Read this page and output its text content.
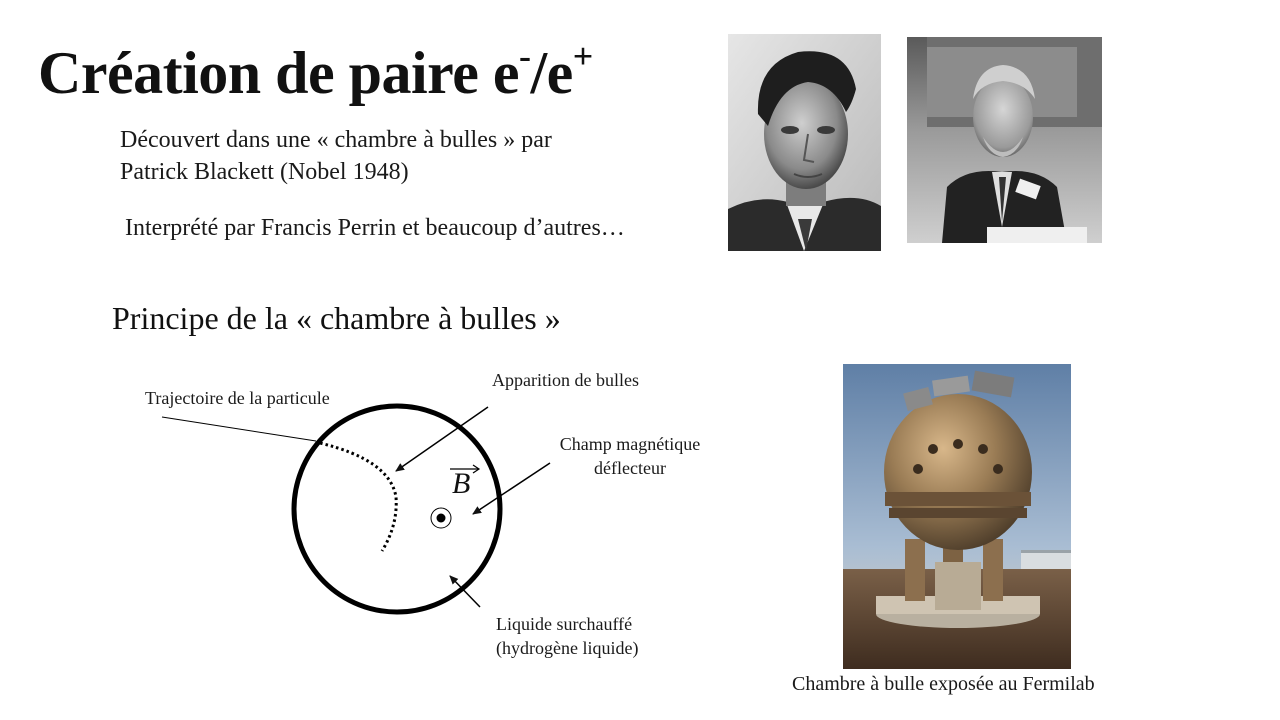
Création de paire e-/e+
Découvert dans une « chambre à bulles » par
Patrick Blackett (Nobel 1948)
Interprété par Francis Perrin et beaucoup d’autres…
Principe de la « chambre à bulles »
B
Trajectoire de la particule
Apparition de bulles
Champ magnétique
déflecteur
Liquide surchauffé
(hydrogène liquide)
Chambre à bulle exposée au Fermilab
